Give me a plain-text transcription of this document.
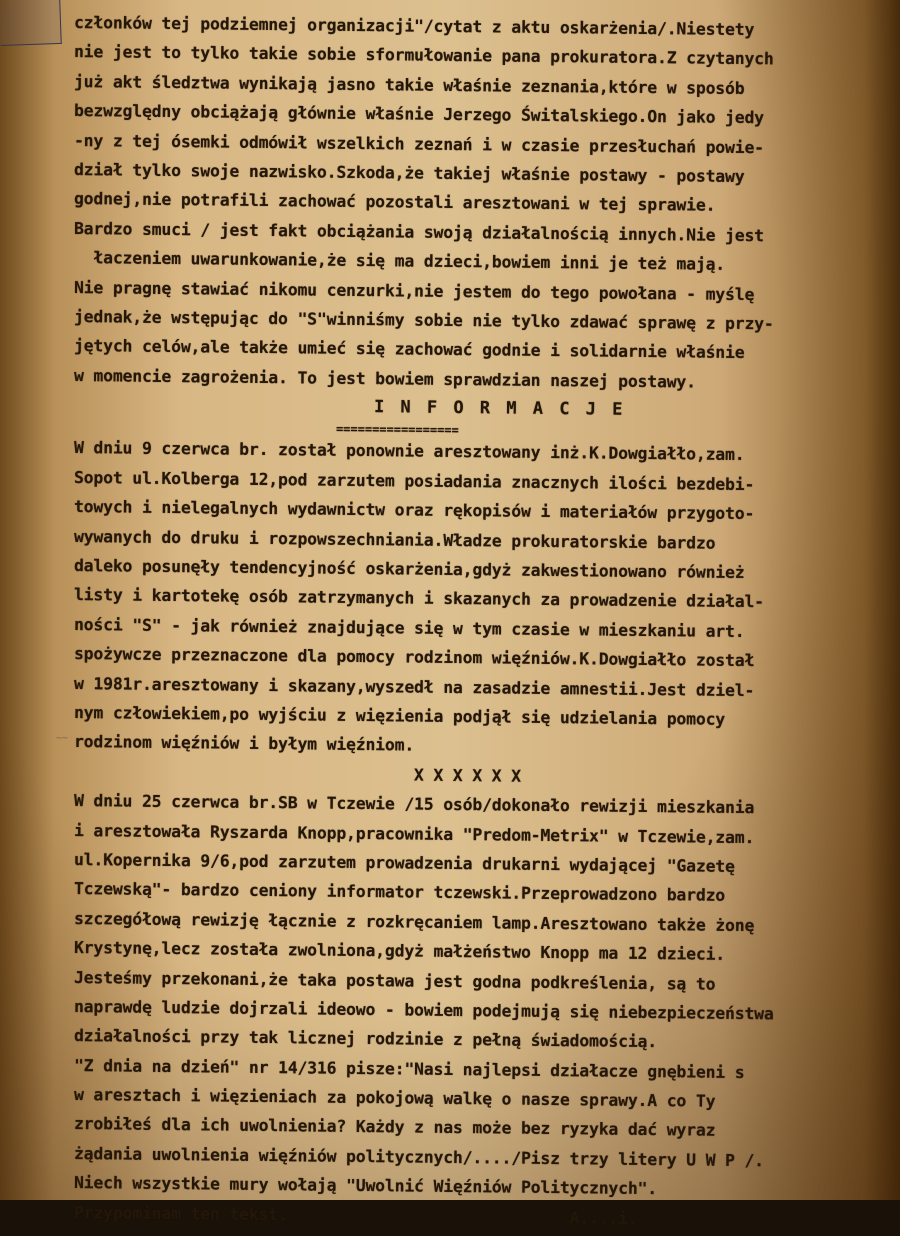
~~
członków tej podziemnej organizacji"/cytat z aktu oskarżenia/.Niestety
nie jest to tylko takie sobie sformułowanie pana prokuratora.Z czytanych
już akt śledztwa wynikają jasno takie właśnie zeznania,które w sposób
bezwzględny obciążają głównie właśnie Jerzego Świtalskiego.On jako jedy
-ny z tej ósemki odmówił wszelkich zeznań i w czasie przesłuchań powie-
dział tylko swoje nazwisko.Szkoda,że takiej właśnie postawy - postawy
godnej,nie potrafili zachować pozostali aresztowani w tej sprawie.
Bardzo smuci / jest fakt obciążania swoją działalnością innych.Nie jest
łaczeniem uwarunkowanie,że się ma dzieci,bowiem inni je też mają.
Nie pragnę stawiać nikomu cenzurki,nie jestem do tego powołana - myślę
jednak,że wstępując do "S"winniśmy sobie nie tylko zdawać sprawę z przy-
jętych celów,ale także umieć się zachować godnie i solidarnie właśnie
w momencie zagrożenia. To jest bowiem sprawdzian naszej postawy.
I N F O R M A C J E
=================
W dniu 9 czerwca br. został ponownie aresztowany inż.K.Dowgiałło,zam.
Sopot ul.Kolberga 12,pod zarzutem posiadania znacznych ilości bezdebi-
towych i nielegalnych wydawnictw oraz rękopisów i materiałów przygoto-
wywanych do druku i rozpowszechnianiа.Władze prokuratorskie bardzo
daleko posunęły tendencyjność oskarżenia,gdyż zakwestionowano również
listy i kartotekę osób zatrzymanych i skazanych za prowadzenie działal-
ności "S" - jak również znajdujące się w tym czasie w mieszkaniu art.
spożywcze przeznaczone dla pomocy rodzinom więźniów.K.Dowgiałło został
w 1981r.aresztowany i skazany,wyszedł na zasadzie amnestii.Jest dziel-
nym człowiekiem,po wyjściu z więzienia podjął się udzielania pomocy
rodzinom więźniów i byłym więźniom.
X X X X X X
W dniu 25 czerwca br.SB w Tczewie /15 osób/dokonało rewizji mieszkania
i aresztowała Ryszarda Knopp,pracownika "Predom-Metrix" w Tczewie,zam.
ul.Kopernika 9/6,pod zarzutem prowadzenia drukarni wydającej "Gazetę
Tczewską"- bardzo ceniony informator tczewski.Przeprowadzono bardzo
szczegółową rewizję łącznie z rozkręcaniem lamp.Aresztowano także żonę
Krystynę,lecz została zwolniona,gdyż małżeństwo Knopp ma 12 dzieci.
Jesteśmy przekonani,że taka postawa jest godna podkreślenia, są to
naprawdę ludzie dojrzali ideowo - bowiem podejmują się niebezpieczeństwa
działalności przy tak licznej rodzinie z pełną świadomością.
"Z dnia na dzień" nr 14/316 pisze:"Nasi najlepsi działacze gnębieni s
w aresztach i więzieniach za pokojową walkę o nasze sprawy.A co Ty
zrobiłeś dla ich uwolnienia? Każdy z nas może bez ryzyka dać wyraz
żądania uwolnienia więźniów politycznych/..../Pisz trzy litery U W P /.
Niech wszystkie mury wołają "Uwolnić Więźniów Politycznych".
Przypominam ten tekst.                             A....i.
